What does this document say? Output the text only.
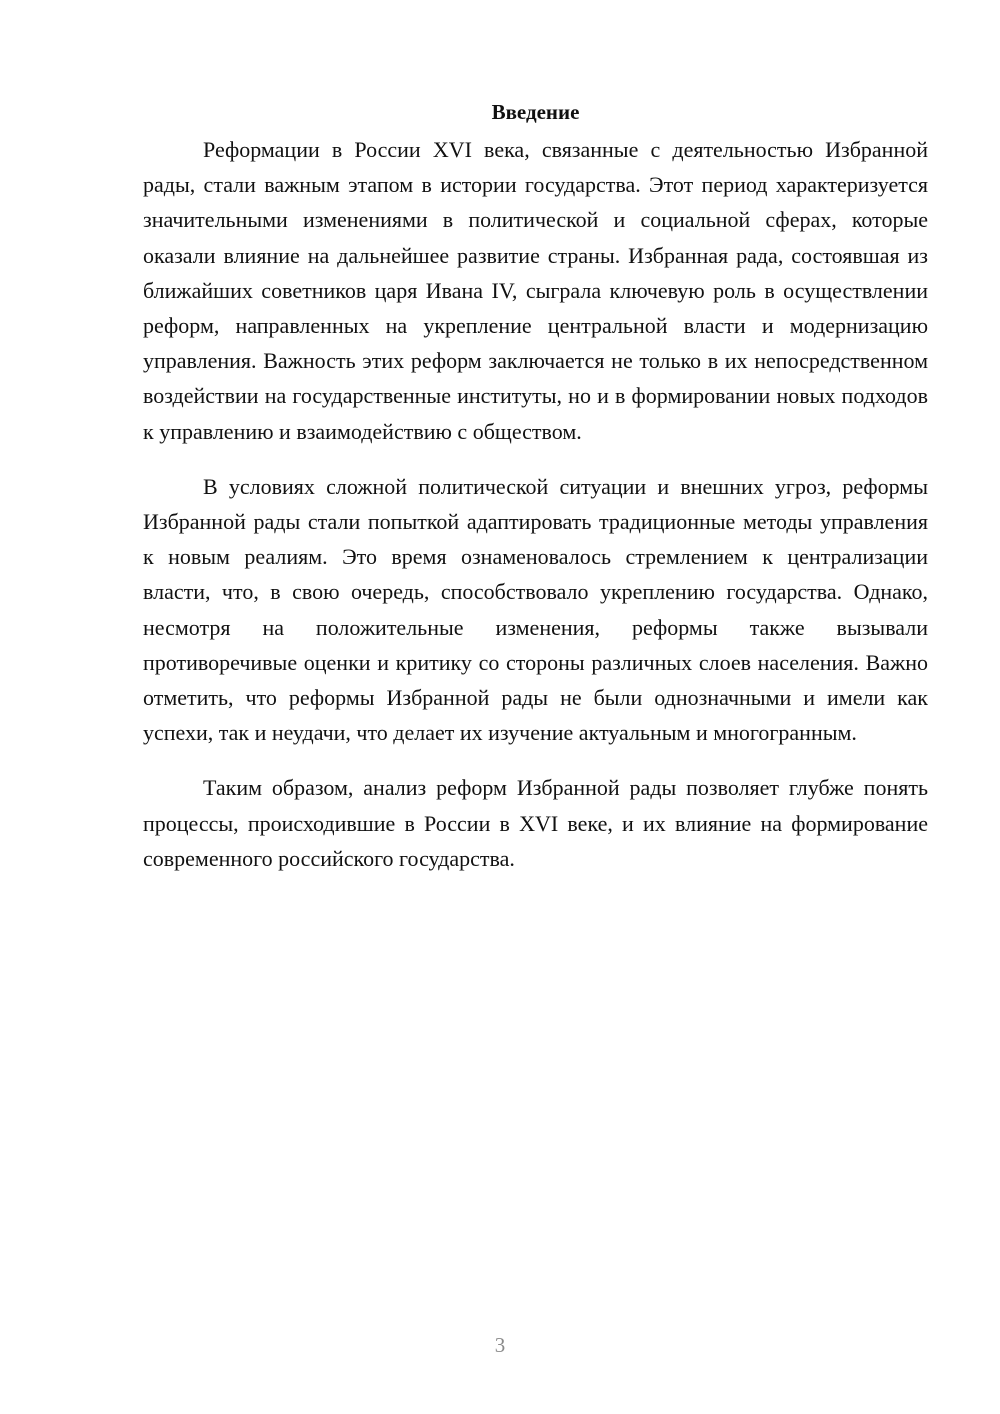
Введение

Реформации в России XVI века, связанные с деятельностью Избранной рады, стали важным этапом в истории государства. Этот период характеризуется значительными изменениями в политической и социальной сферах, которые оказали влияние на дальнейшее развитие страны. Избранная рада, состоявшая из ближайших советников царя Ивана IV, сыграла ключевую роль в осуществлении реформ, направленных на укрепление центральной власти и модернизацию управления. Важность этих реформ заключается не только в их непосредственном воздействии на государственные институты, но и в формировании новых подходов к управлению и взаимодействию с обществом.

В условиях сложной политической ситуации и внешних угроз, реформы Избранной рады стали попыткой адаптировать традиционные методы управления к новым реалиям. Это время ознаменовалось стремлением к централизации власти, что, в свою очередь, способствовало укреплению государства. Однако, несмотря на положительные изменения, реформы также вызывали противоречивые оценки и критику со стороны различных слоев населения. Важно отметить, что реформы Избранной рады не были однозначными и имели как успехи, так и неудачи, что делает их изучение актуальным и многогранным.

Таким образом, анализ реформ Избранной рады позволяет глубже понять процессы, происходившие в России в XVI веке, и их влияние на формирование современного российского государства.

3
